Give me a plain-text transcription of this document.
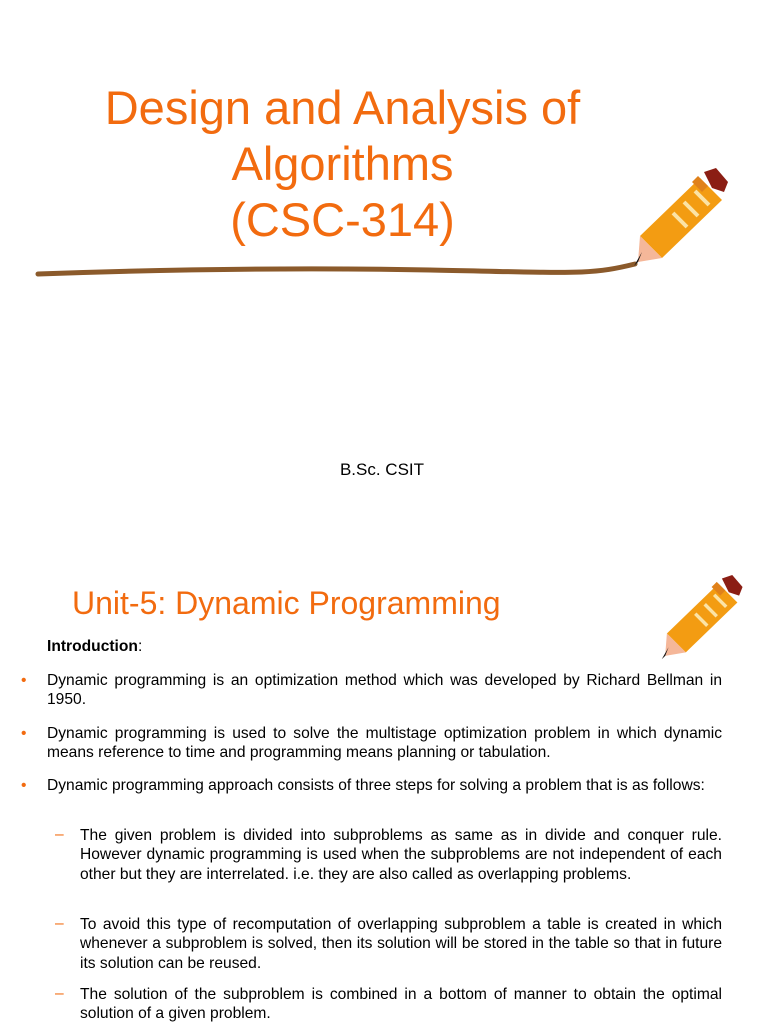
Design and Analysis of
Algorithms
(CSC-314)
B.Sc. CSIT
Unit-5: Dynamic Programming
Introduction:
• Dynamic programming is an optimization method which was developed by Richard Bellman in 1950.
• Dynamic programming is used to solve the multistage optimization problem in which dynamic means reference to time and programming means planning or tabulation.
• Dynamic programming approach consists of three steps for solving a problem that is as follows:
– The given problem is divided into subproblems as same as in divide and conquer rule. However dynamic programming is used when the subproblems are not independent of each other but they are interrelated. i.e. they are also called as overlapping problems.
– To avoid this type of recomputation of overlapping subproblem a table is created in which whenever a subproblem is solved, then its solution will be stored in the table so that in future its solution can be reused.
– The solution of the subproblem is combined in a bottom of manner to obtain the optimal solution of a given problem.
